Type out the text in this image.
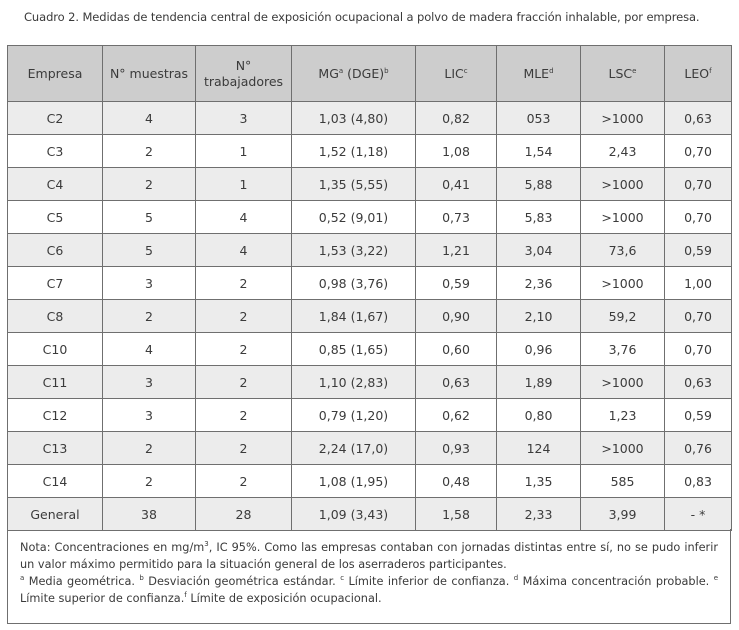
Cuadro 2. Medidas de tendencia central de exposición ocupacional a polvo de madera fracción inhalable, por empresa.
Empresa	N° muestras	N°
trabajadores	$MG^a$ (DGE)$^b$	LIC$^c$	MLE$^d$	LSC$^e$	LEO$^f$
C2	4	3	1,03 (4,80)	0,82	053	>1000	0,63
C3	2	1	1,52 (1,18)	1,08	1,54	2,43	0,70
C4	2	1	1,35 (5,55)	0,41	5,88	>1000	0,70
C5	5	4	0,52 (9,01)	0,73	5,83	>1000	0,70
C6	5	4	1,53 (3,22)	1,21	3,04	73,6	0,59
C7	3	2	0,98 (3,76)	0,59	2,36	>1000	1,00
C8	2	2	1,84 (1,67)	0,90	2,10	59,2	0,70
C10	4	2	0,85 (1,65)	0,60	0,96	3,76	0,70
C11	3	2	1,10 (2,83)	0,63	1,89	>1000	0,63
C12	3	2	0,79 (1,20)	0,62	0,80	1,23	0,59
C13	2	2	2,24 (17,0)	0,93	124	>1000	0,76
C14	2	2	1,08 (1,95)	0,48	1,35	585	0,83
General	38	28	1,09 (3,43)	1,58	2,33	3,99	- *

Nota: Concentraciones en $mg/m^3$, IC 95%. Como las empresas contaban con jornadas distintas entre sí, no se pudo inferir un valor máximo permitido para la situación general de los aserraderos participantes.

$^a$ Media geométrica. $^b$ Desviación geométrica estándar. $^c$ Límite inferior de confianza. $^d$ Máxima concentración probable. $^e$ Límite superior de confianza.$^f$ Límite de exposición ocupacional.
